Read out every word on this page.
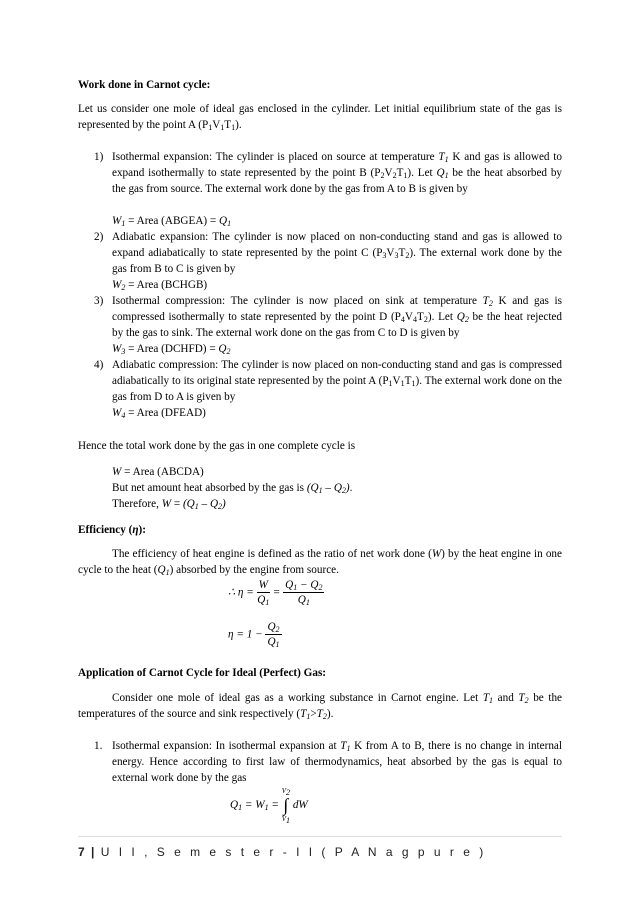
Work done in Carnot cycle:
Let us consider one mole of ideal gas enclosed in the cylinder. Let initial equilibrium state of the gas is represented by the point A $(P_1V_1T_1)$.
1) Isothermal expansion: The cylinder is placed on source at temperature $T_1$ K and gas is allowed to expand isothermally to state represented by the point B $(P_2V_2T_1)$. Let $Q_1$ be the heat absorbed by the gas from source. The external work done by the gas from A to B is given by
$W_1$ = Area (ABGEA) = $Q_1$
2) Adiabatic expansion: The cylinder is now placed on non-conducting stand and gas is allowed to expand adiabatically to state represented by the point C $(P_3V_3T_2)$. The external work done by the gas from B to C is given by
$W_2$ = Area (BCHGB)
3) Isothermal compression: The cylinder is now placed on sink at temperature $T_2$ K and gas is compressed isothermally to state represented by the point D $(P_4V_4T_2)$. Let $Q_2$ be the heat rejected by the gas to sink. The external work done on the gas from C to D is given by
$W_3$ = Area (DCHFD) = $Q_2$
4) Adiabatic compression: The cylinder is now placed on non-conducting stand and gas is compressed adiabatically to its original state represented by the point A $(P_1V_1T_1)$. The external work done on the gas from D to A is given by
$W_4$ = Area (DFEAD)
Hence the total work done by the gas in one complete cycle is
W = Area (ABCDA)
But net amount heat absorbed by the gas is $(Q_1 - Q_2)$.
Therefore, $W = (Q_1 - Q_2)$
Efficiency (η):
The efficiency of heat engine is defined as the ratio of net work done (W) by the heat engine in one cycle to the heat $(Q_1)$ absorbed by the engine from source.
∴ $\eta = \frac{W}{Q_1} = \frac{Q_1 - Q_2}{Q_1}$
$\eta = 1 - \frac{Q_2}{Q_1}$
Application of Carnot Cycle for Ideal (Perfect) Gas:
Consider one mole of ideal gas as a working substance in Carnot engine. Let $T_1$ and $T_2$ be the temperatures of the source and sink respectively $(T_1>T_2)$.
1. Isothermal expansion: In isothermal expansion at $T_1$ K from A to B, there is no change in internal energy. Hence according to first law of thermodynamics, heat absorbed by the gas is equal to external work done by the gas
$Q_1 = W_1$ =
$V_2$
∫
$V_1$
dW
7 | U I I , S e m e s t e r - I I ( P A N a g p u r e )
